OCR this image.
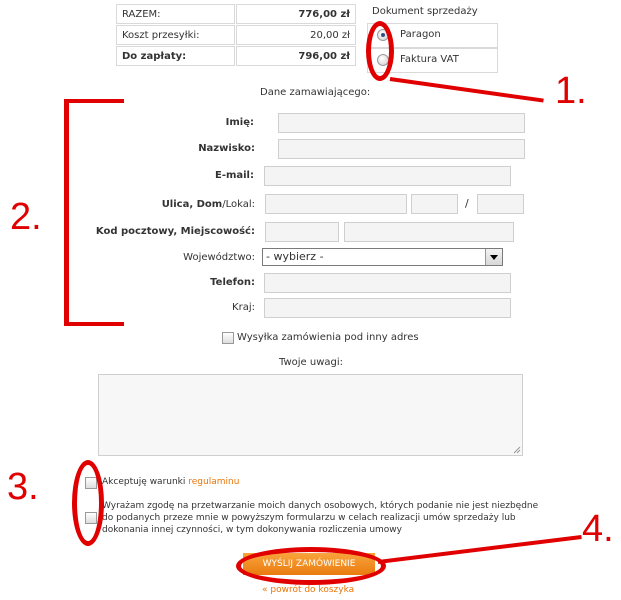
RAZEM:	776,00 zł
Koszt przesyłki:	20,00 zł
Do zapłaty:	796,00 zł
Dokument sprzedaży
Paragon
Faktura VAT
Dane zamawiającego:
Imię:
Nazwisko:
E-mail:
Ulica, Dom/Lokal:	/
Kod pocztowy, Miejscowość:
Województwo: - wybierz -
Telefon:
Kraj:
Wysyłka zamówienia pod inny adres
Twoje uwagi:
Akceptuję warunki regulaminu
Wyrażam zgodę na przetwarzanie moich danych osobowych, których podanie nie jest niezbędne do podanych przeze mnie w powyższym formularzu w celach realizacji umów sprzedaży lub dokonania innej czynności, w tym dokonywania rozliczenia umowy
WYŚLIJ ZAMÓWIENIE
« powrót do koszyka
1.
2.
3.
4.
